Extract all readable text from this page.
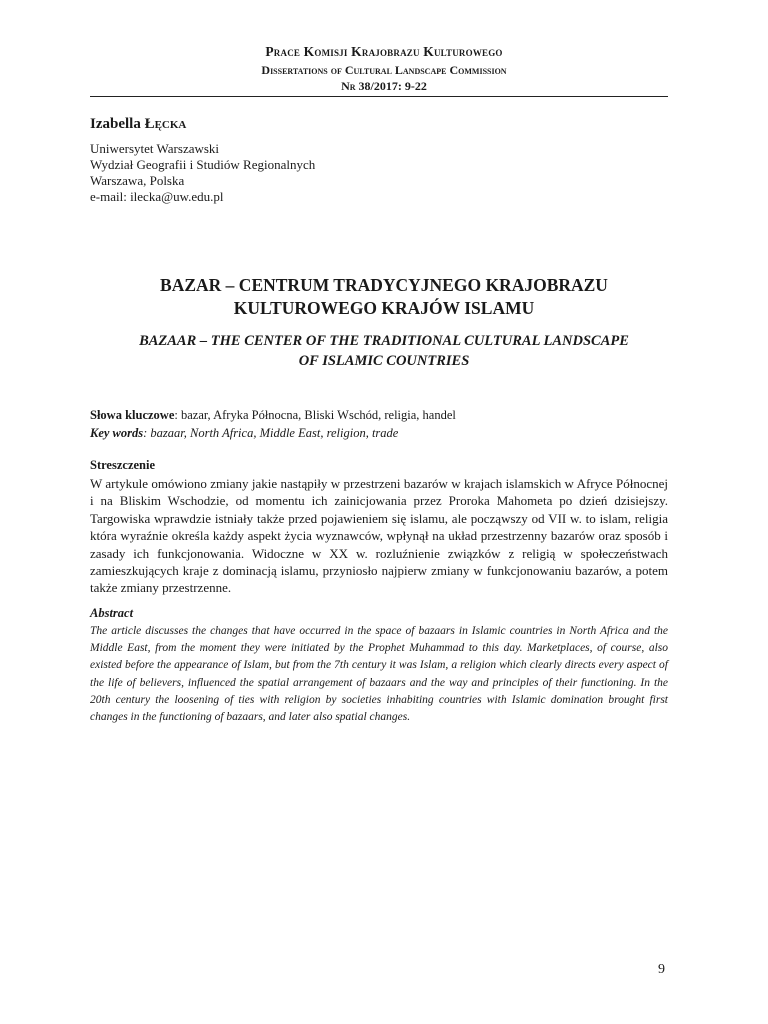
Prace Komisji Krajobrazu Kulturowego
Dissertations of Cultural Landscape Commission
Nr 38/2017: 9-22
Izabella Łęcka
Uniwersytet Warszawski
Wydział Geografii i Studiów Regionalnych
Warszawa, Polska
e-mail: ilecka@uw.edu.pl
BAZAR – CENTRUM TRADYCYJNEGO KRAJOBRAZU
KULTUROWEGO KRAJÓW ISLAMU
BAZAAR – THE CENTER OF THE TRADITIONAL CULTURAL LANDSCAPE
OF ISLAMIC COUNTRIES
Słowa kluczowe: bazar, Afryka Północna, Bliski Wschód, religia, handel
Key words: bazaar, North Africa, Middle East, religion, trade
Streszczenie
W artykule omówiono zmiany jakie nastąpiły w przestrzeni bazarów w krajach islamskich w Afryce Północnej i na Bliskim Wschodzie, od momentu ich zainicjowania przez Proroka Mahometa po dzień dzisiejszy. Targowiska wprawdzie istniały także przed pojawieniem się islamu, ale począwszy od VII w. to islam, religia która wyraźnie określa każdy aspekt życia wyznawców, wpłynął na układ przestrzenny bazarów oraz sposób i zasady ich funkcjonowania. Widoczne w XX w. rozluźnienie związków z religią w społeczeństwach zamieszkujących kraje z dominacją islamu, przyniosło najpierw zmiany w funkcjonowaniu bazarów, a potem także zmiany przestrzenne.
Abstract
The article discusses the changes that have occurred in the space of bazaars in Islamic countries in North Africa and the Middle East, from the moment they were initiated by the Prophet Muhammad to this day. Marketplaces, of course, also existed before the appearance of Islam, but from the 7th century it was Islam, a religion which clearly directs every aspect of the life of believers, influenced the spatial arrangement of bazaars and the way and principles of their functioning. In the 20th century the loosening of ties with religion by societies inhabiting countries with Islamic domination brought first changes in the functioning of bazaars, and later also spatial changes.
9
